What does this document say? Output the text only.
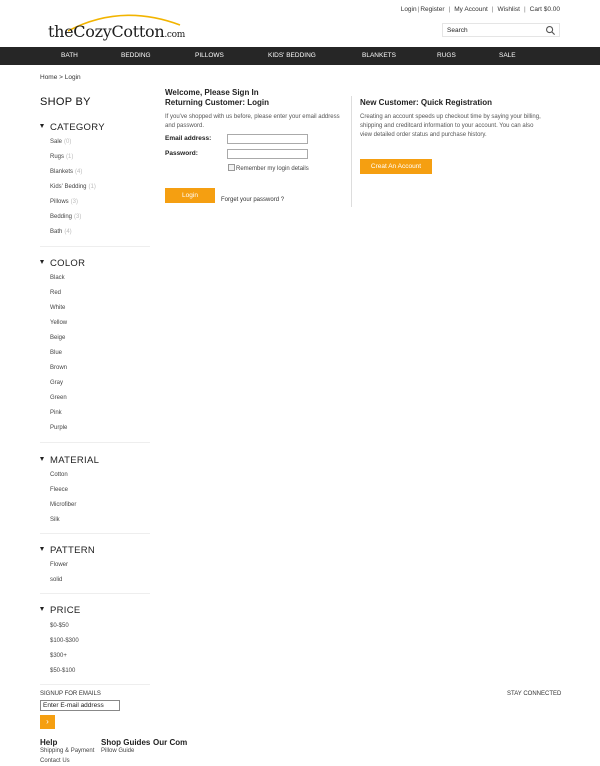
theCozyCotton.com
Login|Register | My Account | Wishlist | Cart $0.00
Search
BATH	BEDDING	PILLOWS	KIDS' BEDDING	BLANKETS	RUGS	SALE
Home > Login
SHOP BY
CATEGORY
Sale (0)
Rugs (1)
Blankets (4)
Kids' Bedding (1)
Pillows (3)
Bedding (3)
Bath (4)
COLOR
Black
Red
White
Yellow
Beige
Blue
Brown
Gray
Green
Pink
Purple
MATERIAL
Cotton
Fleece
Microfiber
Silk
PATTERN
Flower
solid
PRICE
$0-$50
$100-$300
$300+
$50-$100
Welcome, Please Sign In
Returning Customer: Login
If you've shopped with us before, please enter your email address and password.
Email address:
Password:
Remember my login details
Login
Forget your password ?
New Customer: Quick Registration
Creating an account speeds up checkout time by saying your billing, shipping and creditcard information to your account. You can also view detailed order status and purchase history.
Creat An Account
SIGNUP FOR EMAILS	STAY CONNECTED
Enter E-mail address
›
Help	Shop Guides Our Com
Shipping & Payment Pillow Guide
Contact Us
